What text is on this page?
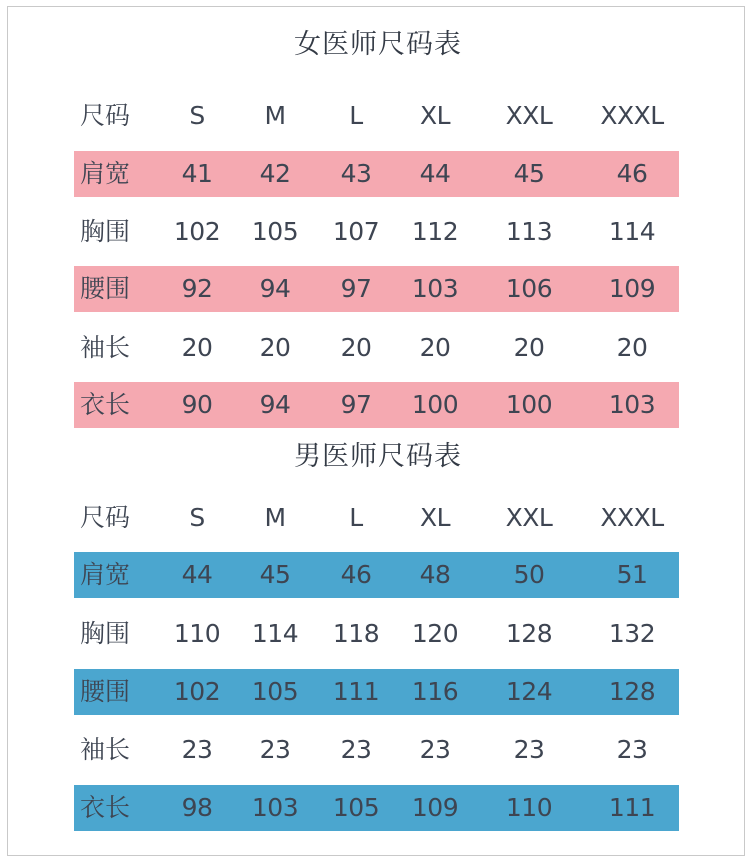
女医师尺码表
尺码	S	M	L	XL	XXL	XXXL
肩宽	41	42	43	44	45	46
胸围	102	105	107	112	113	114
腰围	92	94	97	103	106	109
袖长	20	20	20	20	20	20
衣长	90	94	97	100	100	103
男医师尺码表
尺码	S	M	L	XL	XXL	XXXL
肩宽	44	45	46	48	50	51
胸围	110	114	118	120	128	132
腰围	102	105	111	116	124	128
袖长	23	23	23	23	23	23
衣长	98	103	105	109	110	111
